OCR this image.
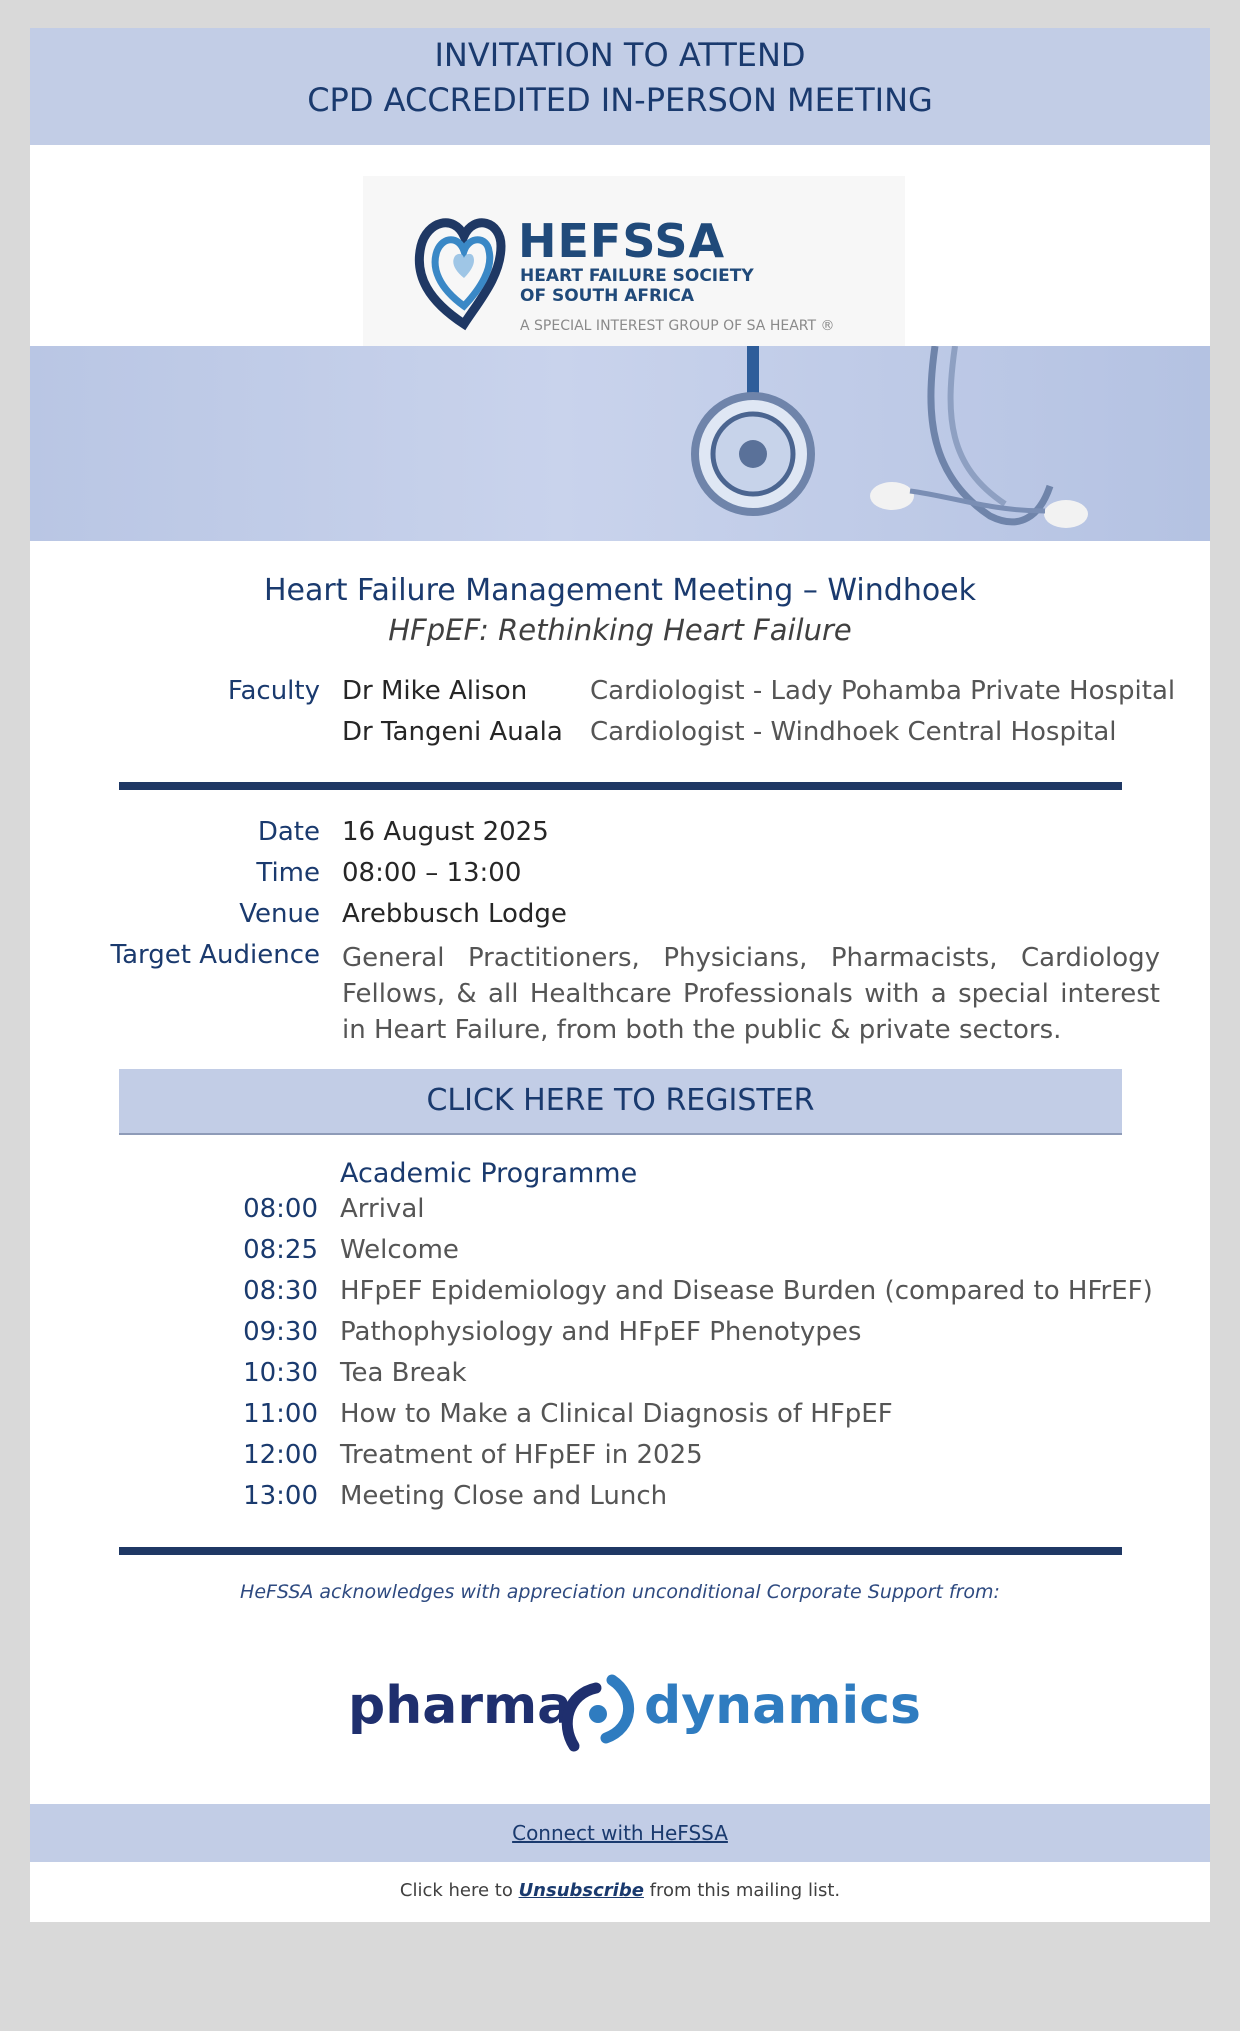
INVITATION TO ATTEND
CPD ACCREDITED IN-PERSON MEETING
HEFSSA
HEART FAILURE SOCIETY
OF SOUTH AFRICA
A SPECIAL INTEREST GROUP OF SA HEART ®
Heart Failure Management Meeting – Windhoek
HFpEF: Rethinking Heart Failure
Faculty Dr Mike Alison Cardiologist - Lady Pohamba Private Hospital
Dr Tangeni Auala Cardiologist - Windhoek Central Hospital
Date 16 August 2025
Time 08:00 – 13:00
Venue Arebbusch Lodge
Target Audience General Practitioners, Physicians, Pharmacists, Cardiology Fellows, & all Healthcare Professionals with a special interest in Heart Failure, from both the public & private sectors.
CLICK HERE TO REGISTER
Academic Programme
08:00 Arrival
08:25 Welcome
08:30 HFpEF Epidemiology and Disease Burden (compared to HFrEF)
09:30 Pathophysiology and HFpEF Phenotypes
10:30 Tea Break
11:00 How to Make a Clinical Diagnosis of HFpEF
12:00 Treatment of HFpEF in 2025
13:00 Meeting Close and Lunch
HeFSSA acknowledges with appreciation unconditional Corporate Support from:
pharma dynamics
Connect with HeFSSA
Click here to Unsubscribe from this mailing list.
